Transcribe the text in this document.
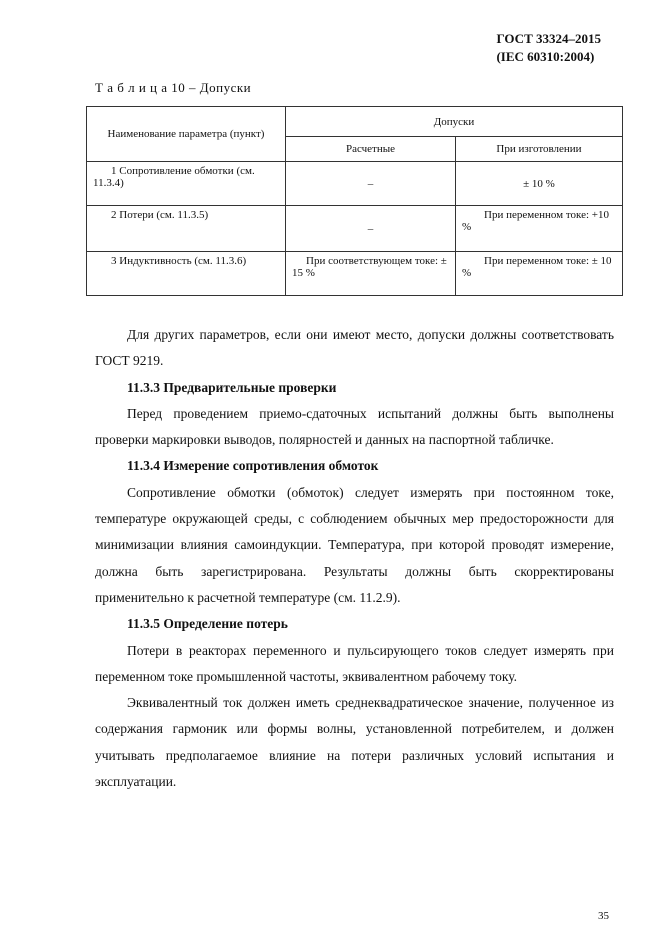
ГОСТ 33324–2015
(IEC 60310:2004)
Т а б л и ц а 10 – Допуски
Наименование параметра (пункт)	Допуски	
	Расчетные	При изготовлении
1 Сопротивление обмотки (см. 11.3.4)	–	± 10 %
2 Потери (см. 11.3.5)	–	При переменном токе: +10 %
3 Индуктивность (см. 11.3.6)	При соответствующем токе: ± 15 %	При переменном токе: ± 10 %

Для других параметров, если они имеют место, допуски должны соответствовать ГОСТ 9219.

11.3.3 Предварительные проверки

Перед проведением приемо-сдаточных испытаний должны быть выполнены проверки маркировки выводов, полярностей и данных на паспортной табличке.

11.3.4 Измерение сопротивления обмоток

Сопротивление обмотки (обмоток) следует измерять при постоянном токе, температуре окружающей среды, с соблюдением обычных мер предосторожности для минимизации влияния самоиндукции. Температура, при которой проводят измерение, должна быть зарегистрирована. Результаты должны быть скорректированы применительно к расчетной температуре (см. 11.2.9).

11.3.5 Определение потерь

Потери в реакторах переменного и пульсирующего токов следует измерять при переменном токе промышленной частоты, эквивалентном рабочему току.

Эквивалентный ток должен иметь среднеквадратическое значение, полученное из содержания гармоник или формы волны, установленной потребителем, и должен учитывать предполагаемое влияние на потери различных условий испытания и эксплуатации.

35
